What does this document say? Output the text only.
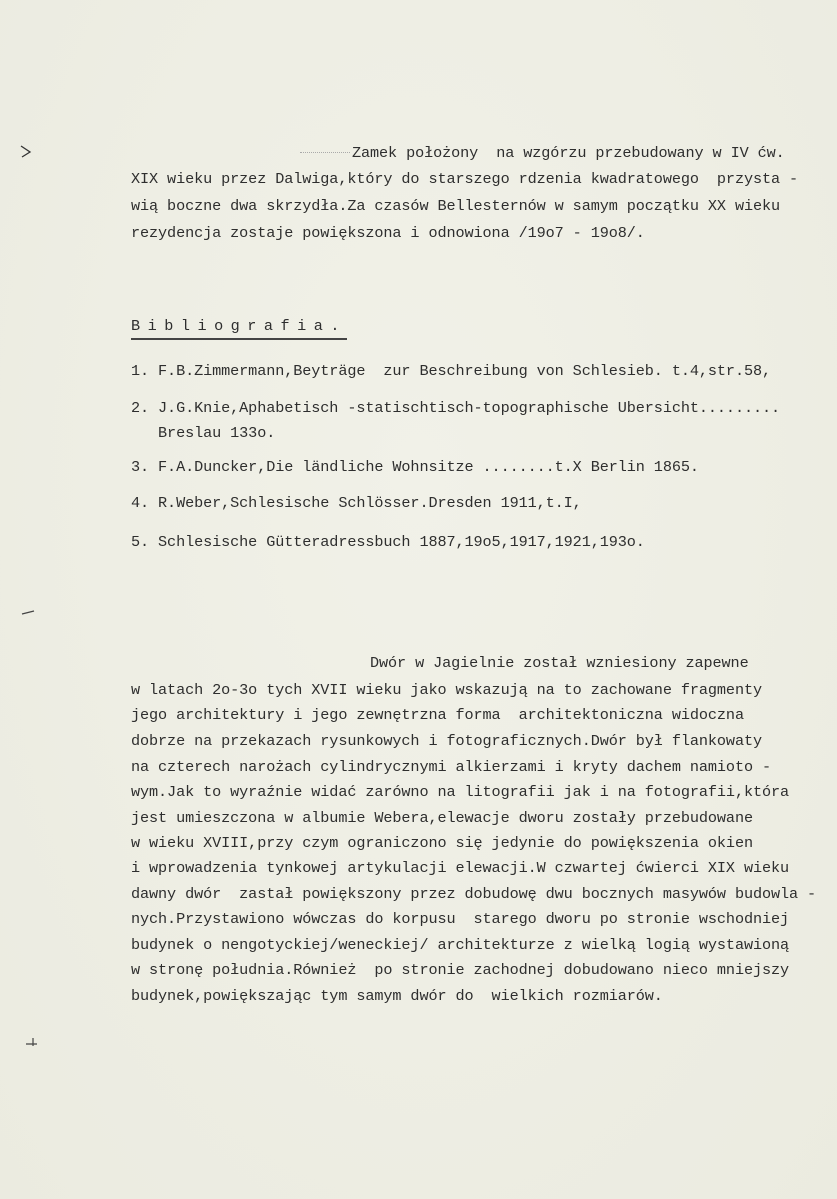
Zamek położony  na wzgórzu przebudowany w IV ćw.
XIX wieku przez Dalwiga,który do starszego rdzenia kwadratowego  przysta -
wią boczne dwa skrzydła.Za czasów Bellesternów w samym początku XX wieku
rezydencja zostaje powiększona i odnowiona /19o7 - 19o8/.
Bibliografia.
1. F.B.Zimmermann,Beyträge  zur Beschreibung von Schlesieb. t.4,str.58,
2. J.G.Knie,Aphabetisch -statischtisch-topographische Ubersicht.........
Breslau 133o.
3. F.A.Duncker,Die ländliche Wohnsitze ........t.X Berlin 1865.
4. R.Weber,Schlesische Schlösser.Dresden 1911,t.I,
5. Schlesische Gütteradressbuch 1887,19o5,1917,1921,193o.
Dwór w Jagielnie został wzniesiony zapewne
w latach 2o-3o tych XVII wieku jako wskazują na to zachowane fragmenty
jego architektury i jego zewnętrzna forma  architektoniczna widoczna
dobrze na przekazach rysunkowych i fotograficznych.Dwór był flankowaty
na czterech narożach cylindrycznymi alkierzami i kryty dachem namioto -
wym.Jak to wyraźnie widać zarówno na litografii jak i na fotografii,która
jest umieszczona w albumie Webera,elewacje dworu zostały przebudowane
w wieku XVIII,przy czym ograniczono się jedynie do powiększenia okien
i wprowadzenia tynkowej artykulacji elewacji.W czwartej ćwierci XIX wieku
dawny dwór  zastał powiększony przez dobudowę dwu bocznych masywów budowla -
nych.Przystawiono wówczas do korpusu  starego dworu po stronie wschodniej
budynek o nengotyckiej/weneckiej/ architekturze z wielką logią wystawioną
w stronę południa.Również  po stronie zachodnej dobudowano nieco mniejszy
budynek,powiększając tym samym dwór do  wielkich rozmiarów.
